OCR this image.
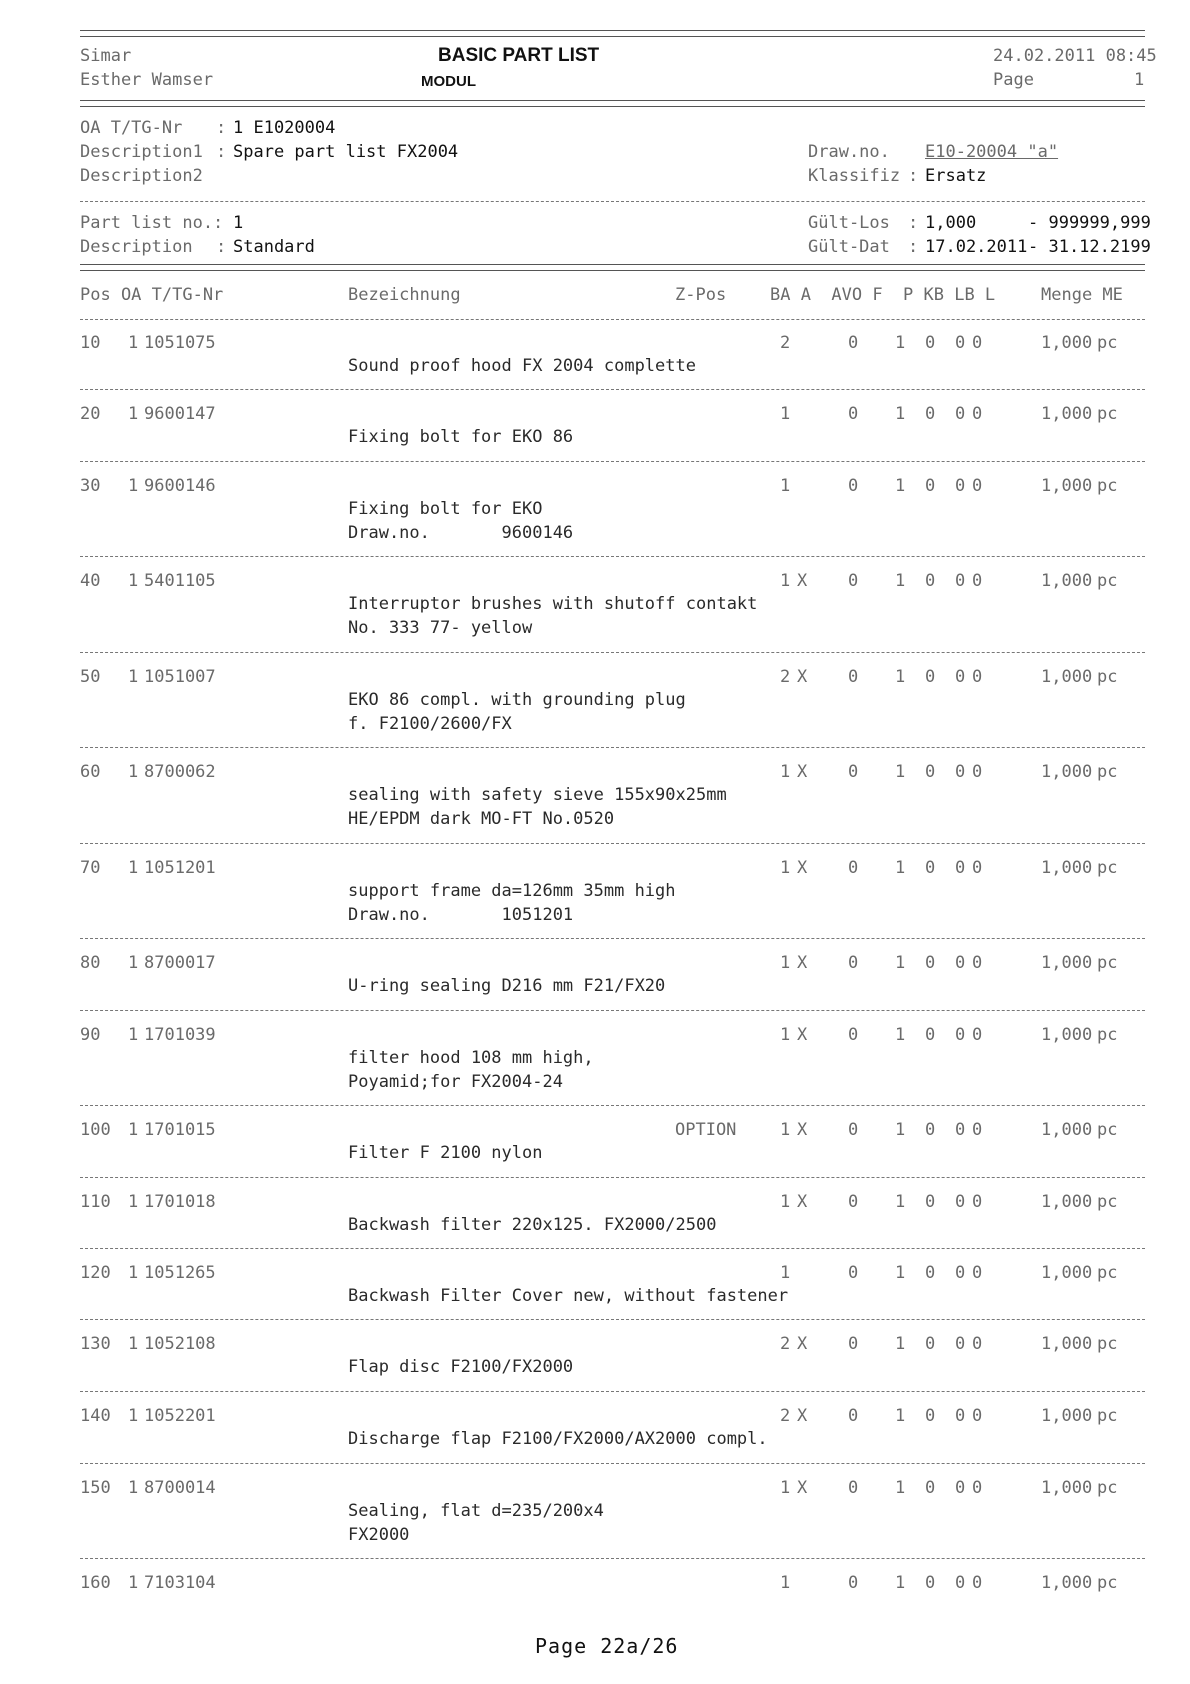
Simar
Esther Wamser
BASIC PART LIST
MODUL
24.02.2011 08:45
Page	1
OA T/TG-Nr : 1 E1020004
Description1 : Spare part list FX2004
Description2
Draw.no. E10-20004 "a"
Klassifiz : Ersatz
Part list no.: 1
Description : Standard
Gült-Los : 1,000	- 999999,999
Gült-Dat : 17.02.2011 - 31.12.2199
Pos OA T/TG-Nr	Bezeichnung	Z-Pos	BA A  AVO F  P KB LB L	Menge ME
10 1 1051075	2	0 1 0 0 0	1,000 pc
Sound proof hood FX 2004 complette
20 1 9600147	1	0 1 0 0 0	1,000 pc
Fixing bolt for EKO 86
30 1 9600146	1	0 1 0 0 0	1,000 pc
Fixing bolt for EKO
Draw.no.       9600146
40 1 5401105	1 X 0 1 0 0 0	1,000 pc
Interruptor brushes with shutoff contakt
No. 333 77- yellow
50 1 1051007	2 X 0 1 0 0 0	1,000 pc
EKO 86 compl. with grounding plug
f. F2100/2600/FX
60 1 8700062	1 X 0 1 0 0 0	1,000 pc
sealing with safety sieve 155x90x25mm
HE/EPDM dark MO-FT No.0520
70 1 1051201	1 X 0 1 0 0 0	1,000 pc
support frame da=126mm 35mm high
Draw.no.       1051201
80 1 8700017	1 X 0 1 0 0 0	1,000 pc
U-ring sealing D216 mm F21/FX20
90 1 1701039	1 X 0 1 0 0 0	1,000 pc
filter hood 108 mm high,
Poyamid;for FX2004-24
100 1 1701015	OPTION	1 X 0 1 0 0 0	1,000 pc
Filter F 2100 nylon
110 1 1701018	1 X 0 1 0 0 0	1,000 pc
Backwash filter 220x125. FX2000/2500
120 1 1051265	1	0 1 0 0 0	1,000 pc
Backwash Filter Cover new, without fastener
130 1 1052108	2 X 0 1 0 0 0	1,000 pc
Flap disc F2100/FX2000
140 1 1052201	2 X 0 1 0 0 0	1,000 pc
Discharge flap F2100/FX2000/AX2000 compl.
150 1 8700014	1 X 0 1 0 0 0	1,000 pc
Sealing, flat d=235/200x4
FX2000
160 1 7103104	1	0 1 0 0 0	1,000 pc
Page 22a/26
